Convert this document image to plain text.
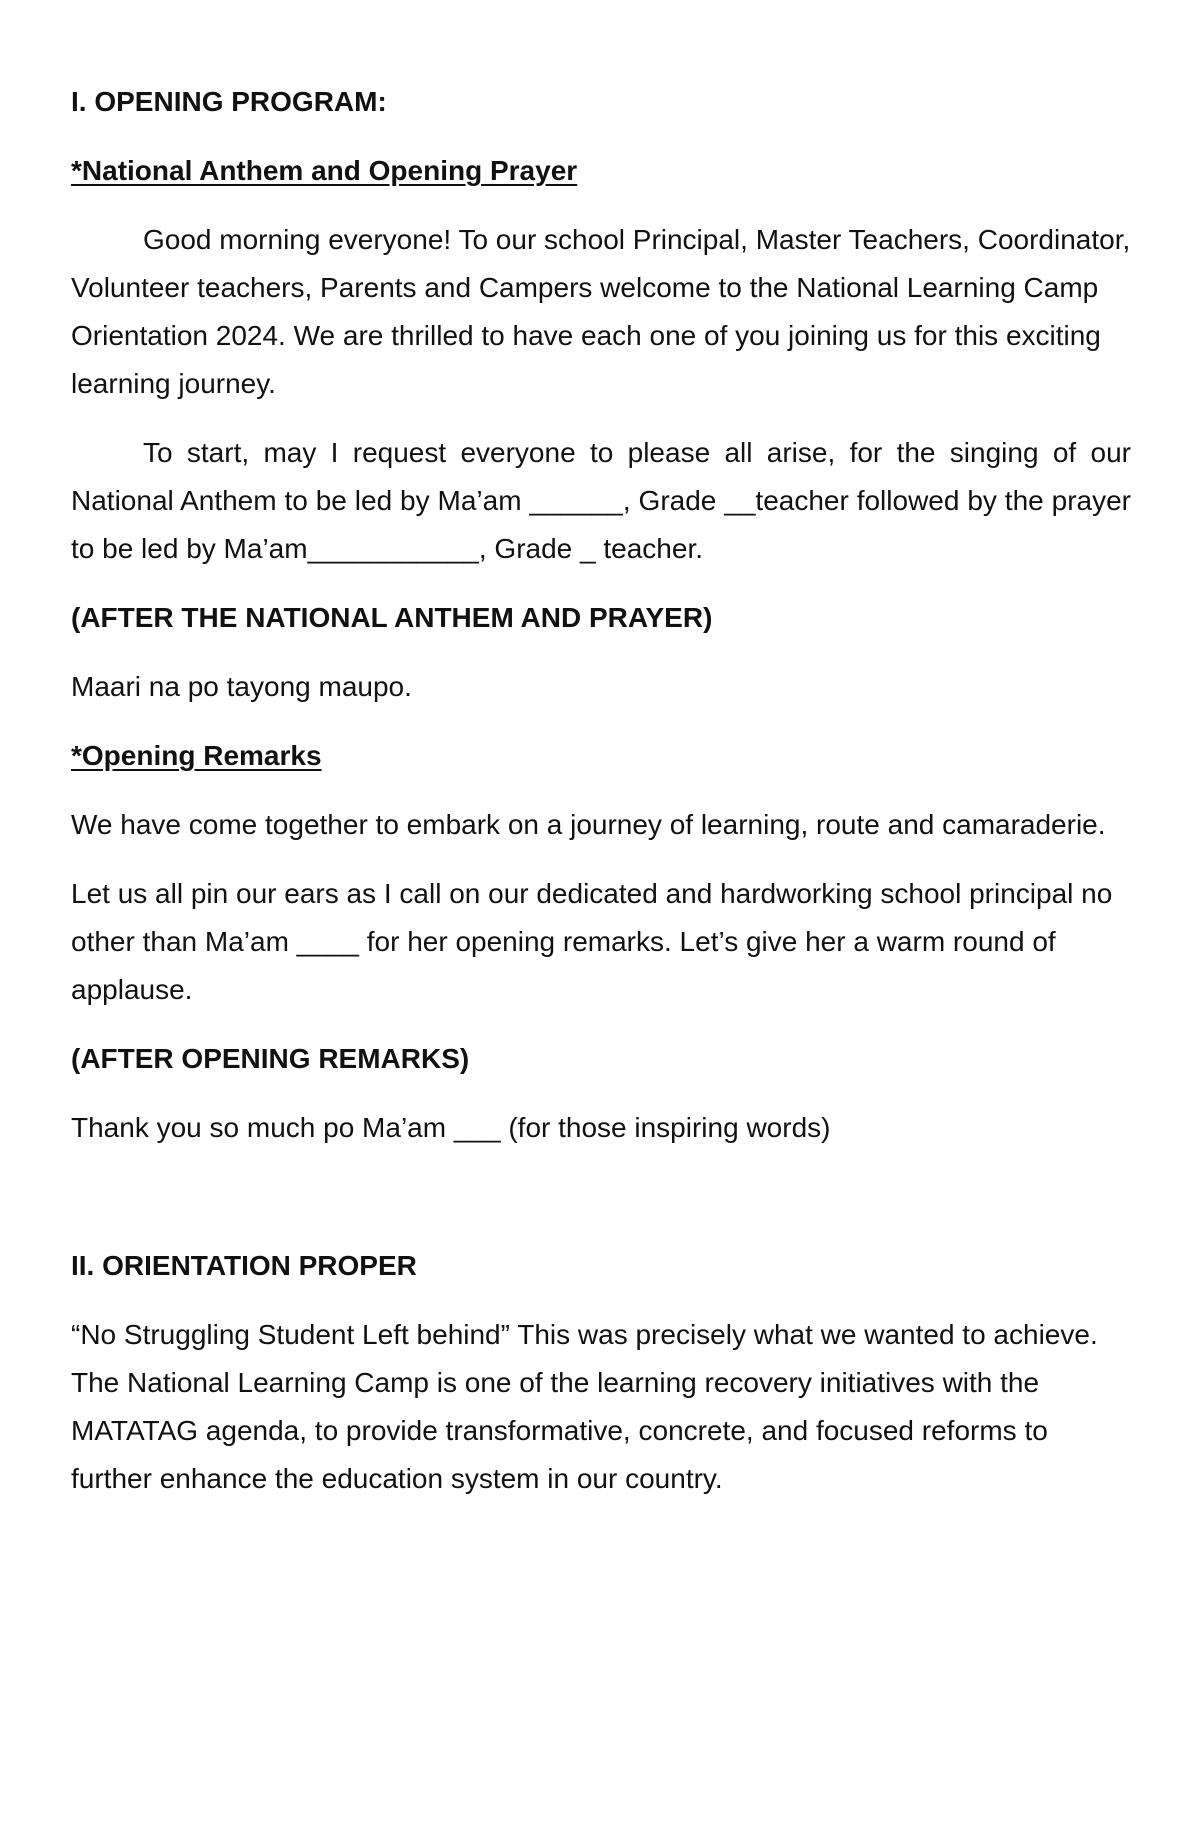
I. OPENING PROGRAM:

*National Anthem and Opening Prayer

Good morning everyone! To our school Principal, Master Teachers, Coordinator, Volunteer teachers, Parents and Campers welcome to the National Learning Camp Orientation 2024. We are thrilled to have each one of you joining us for this exciting learning journey.

To start, may I request everyone to please all arise, for the singing of our National Anthem to be led by Ma’am ______, Grade __teacher followed by the prayer to be led by Ma’am___________, Grade _ teacher.

(AFTER THE NATIONAL ANTHEM AND PRAYER)

Maari na po tayong maupo.

*Opening Remarks

We have come together to embark on a journey of learning, route and camaraderie.

Let us all pin our ears as I call on our dedicated and hardworking school principal no other than Ma’am ____ for her opening remarks. Let’s give her a warm round of applause.

(AFTER OPENING REMARKS)

Thank you so much po Ma’am ___ (for those inspiring words)

II. ORIENTATION PROPER

“No Struggling Student Left behind” This was precisely what we wanted to achieve. The National Learning Camp is one of the learning recovery initiatives with the MATATAG agenda, to provide transformative, concrete, and focused reforms to further enhance the education system in our country.
